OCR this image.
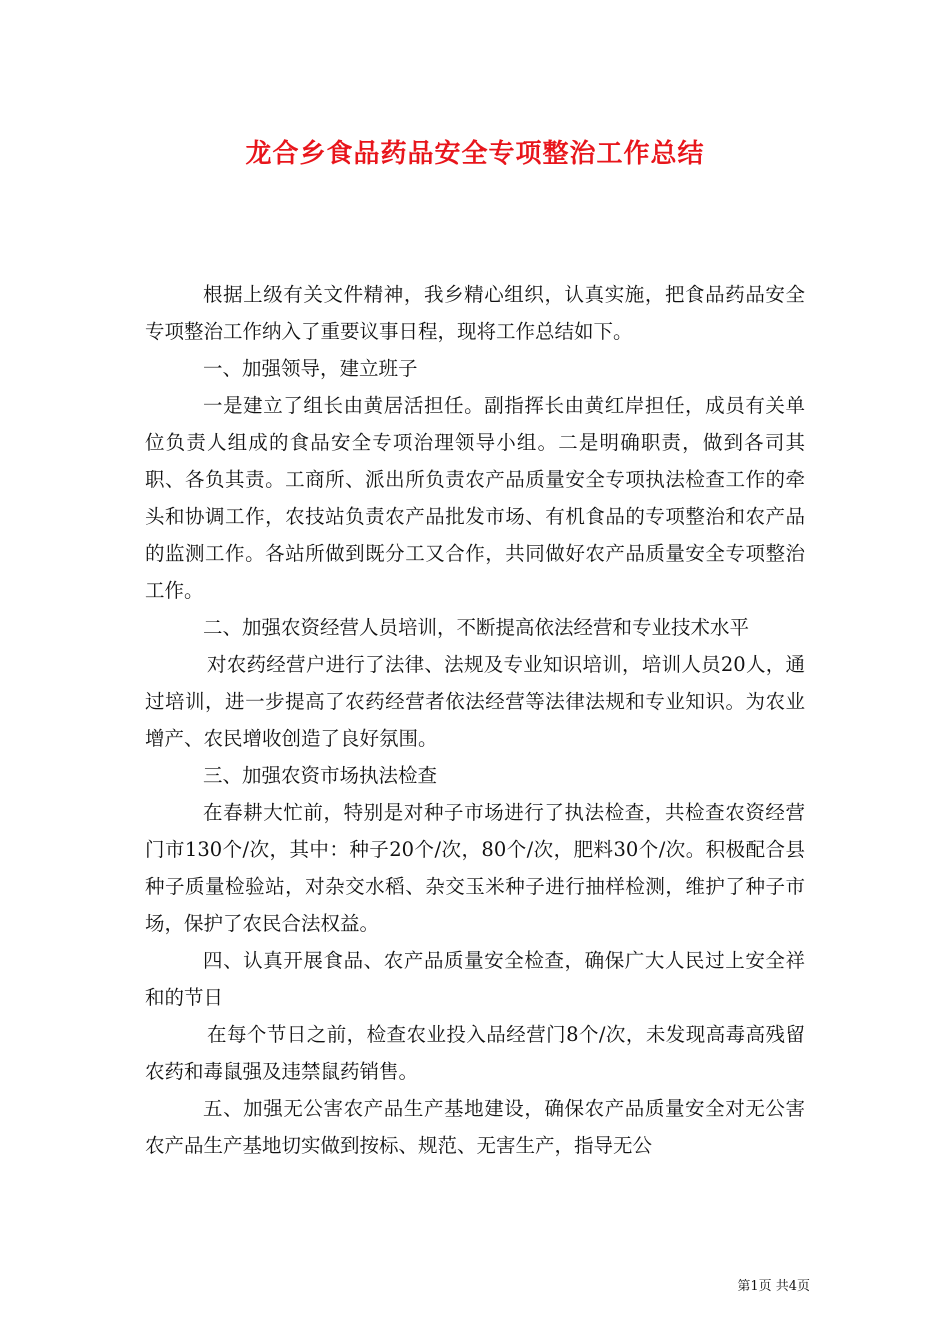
龙合乡食品药品安全专项整治工作总结

根据上级有关文件精神，我乡精心组织，认真实施，把食品药品安全专项整治工作纳入了重要议事日程，现将工作总结如下。

一、加强领导，建立班子

一是建立了组长由黄居活担任。副指挥长由黄红岸担任，成员有关单位负责人组成的食品安全专项治理领导小组。二是明确职责，做到各司其职、各负其责。工商所、派出所负责农产品质量安全专项执法检查工作的牵头和协调工作，农技站负责农产品批发市场、有机食品的专项整治和农产品的监测工作。各站所做到既分工又合作，共同做好农产品质量安全专项整治工作。

二、加强农资经营人员培训，不断提高依法经营和专业技术水平

对农药经营户进行了法律、法规及专业知识培训，培训人员20人，通过培训，进一步提高了农药经营者依法经营等法律法规和专业知识。为农业增产、农民增收创造了良好氛围。

三、加强农资市场执法检查

在春耕大忙前，特别是对种子市场进行了执法检查，共检查农资经营门市130个/次，其中：种子20个/次，80个/次，肥料30个/次。积极配合县种子质量检验站，对杂交水稻、杂交玉米种子进行抽样检测，维护了种子市场，保护了农民合法权益。

四、认真开展食品、农产品质量安全检查，确保广大人民过上安全祥和的节日

在每个节日之前，检查农业投入品经营门8个/次，未发现高毒高残留农药和毒鼠强及违禁鼠药销售。

五、加强无公害农产品生产基地建设，确保农产品质量安全对无公害农产品生产基地切实做到按标、规范、无害生产，指导无公

第1页 共4页
